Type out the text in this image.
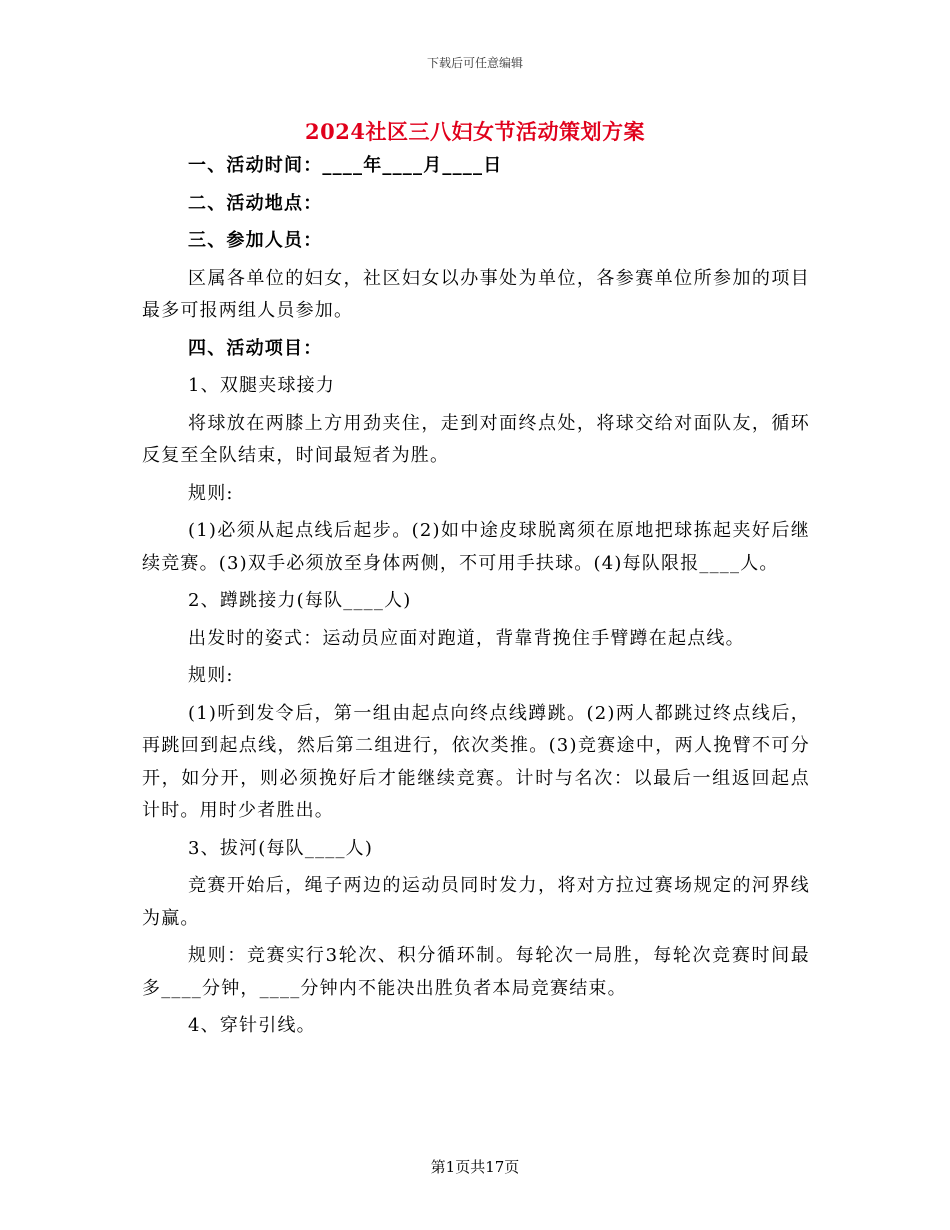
下载后可任意编辑
2024社区三八妇女节活动策划方案

一、活动时间：____年____月____日

二、活动地点：

三、参加人员：

区属各单位的妇女，社区妇女以办事处为单位，各参赛单位所参加的项目最多可报两组人员参加。

四、活动项目：

1、双腿夹球接力

将球放在两膝上方用劲夹住，走到对面终点处，将球交给对面队友，循环反复至全队结束，时间最短者为胜。

规则:

(1)必须从起点线后起步。(2)如中途皮球脱离须在原地把球拣起夹好后继续竞赛。(3)双手必须放至身体两侧，不可用手扶球。(4)每队限报____人。

2、蹲跳接力(每队____人)

出发时的姿式：运动员应面对跑道，背靠背挽住手臂蹲在起点线。

规则:

(1)听到发令后，第一组由起点向终点线蹲跳。(2)两人都跳过终点线后，再跳回到起点线，然后第二组进行，依次类推。(3)竞赛途中，两人挽臂不可分开，如分开，则必须挽好后才能继续竞赛。计时与名次：以最后一组返回起点计时。用时少者胜出。

3、拔河(每队____人)

竞赛开始后，绳子两边的运动员同时发力，将对方拉过赛场规定的河界线为赢。

规则：竞赛实行3轮次、积分循环制。每轮次一局胜，每轮次竞赛时间最多____分钟，____分钟内不能决出胜负者本局竞赛结束。

4、穿针引线。

第1页共17页
